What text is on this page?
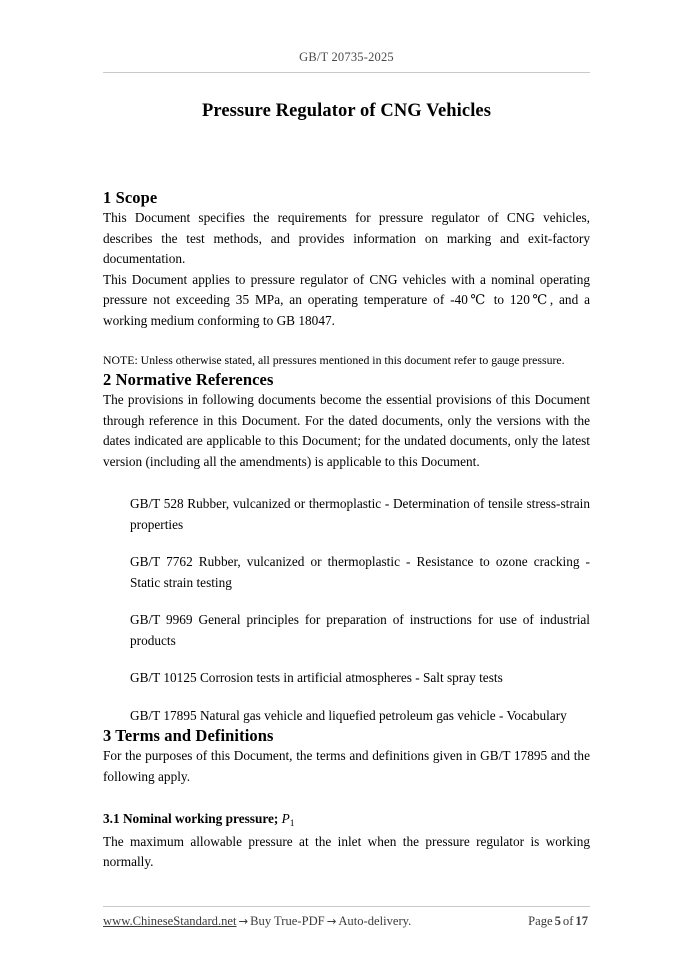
GB/T 20735-2025
Pressure Regulator of CNG Vehicles
1 Scope

This Document specifies the requirements for pressure regulator of CNG vehicles, describes the test methods, and provides information on marking and exit-factory documentation.

This Document applies to pressure regulator of CNG vehicles with a nominal operating pressure not exceeding 35 MPa, an operating temperature of -40℃ to 120℃, and a working medium conforming to GB 18047.

NOTE: Unless otherwise stated, all pressures mentioned in this document refer to gauge pressure.

2 Normative References

The provisions in following documents become the essential provisions of this Document through reference in this Document. For the dated documents, only the versions with the dates indicated are applicable to this Document; for the undated documents, only the latest version (including all the amendments) is applicable to this Document.

GB/T 528 Rubber, vulcanized or thermoplastic - Determination of tensile stress-strain properties
GB/T 7762 Rubber, vulcanized or thermoplastic - Resistance to ozone cracking - Static strain testing
GB/T 9969 General principles for preparation of instructions for use of industrial products
GB/T 10125 Corrosion tests in artificial atmospheres - Salt spray tests
GB/T 17895 Natural gas vehicle and liquefied petroleum gas vehicle - Vocabulary
3 Terms and Definitions

For the purposes of this Document, the terms and definitions given in GB/T 17895 and the following apply.

3.1 Nominal working pressure; $P_1$

The maximum allowable pressure at the inlet when the pressure regulator is working normally.

www.ChineseStandard.net → Buy True-PDF → Auto-delivery.	Page 5 of 17
